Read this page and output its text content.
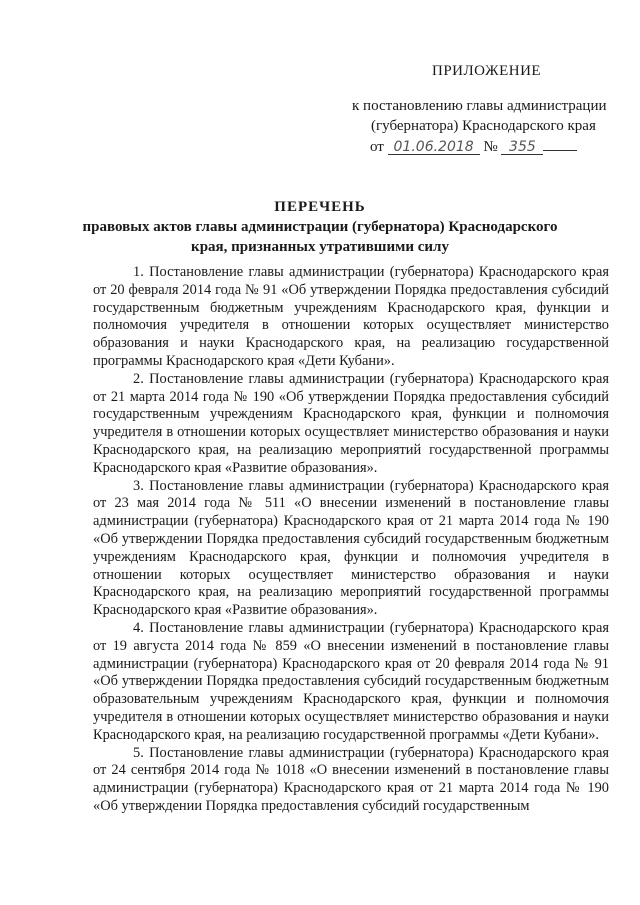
ПРИЛОЖЕНИЕ
к постановлению главы администрации
(губернатора) Краснодарского края
от 01.06.2018 № 355
ПЕРЕЧЕНЬ
правовых актов главы администрации (губернатора) Краснодарского
края, признанных утратившими силу

1. Постановление главы администрации (губернатора) Краснодарского края от 20 февраля 2014 года № 91 «Об утверждении Порядка предоставления субсидий государственным бюджетным учреждениям Краснодарского края, функции и полномочия учредителя в отношении которых осуществляет министерство образования и науки Краснодарского края, на реализацию государственной программы Краснодарского края «Дети Кубани».

2. Постановление главы администрации (губернатора) Краснодарского края от 21 марта 2014 года № 190 «Об утверждении Порядка предоставления субсидий государственным учреждениям Краснодарского края, функции и полномочия учредителя в отношении которых осуществляет министерство образования и науки Краснодарского края, на реализацию мероприятий государственной программы Краснодарского края «Развитие образования».

3. Постановление главы администрации (губернатора) Краснодарского края от 23 мая 2014 года № 511 «О внесении изменений в постановление главы администрации (губернатора) Краснодарского края от 21 марта 2014 года № 190 «Об утверждении Порядка предоставления субсидий государственным бюджетным учреждениям Краснодарского края, функции и полномочия учредителя в отношении которых осуществляет министерство образования и науки Краснодарского края, на реализацию мероприятий государственной программы Краснодарского края «Развитие образования».

4. Постановление главы администрации (губернатора) Краснодарского края от 19 августа 2014 года № 859 «О внесении изменений в постановление главы администрации (губернатора) Краснодарского края от 20 февраля 2014 года № 91 «Об утверждении Порядка предоставления субсидий государственным бюджетным образовательным учреждениям Краснодарского края, функции и полномочия учредителя в отношении которых осуществляет министерство образования и науки Краснодарского края, на реализацию государственной программы «Дети Кубани».

5. Постановление главы администрации (губернатора) Краснодарского края от 24 сентября 2014 года № 1018 «О внесении изменений в постановление главы администрации (губернатора) Краснодарского края от 21 марта 2014 года № 190 «Об утверждении Порядка предоставления субсидий государственным
